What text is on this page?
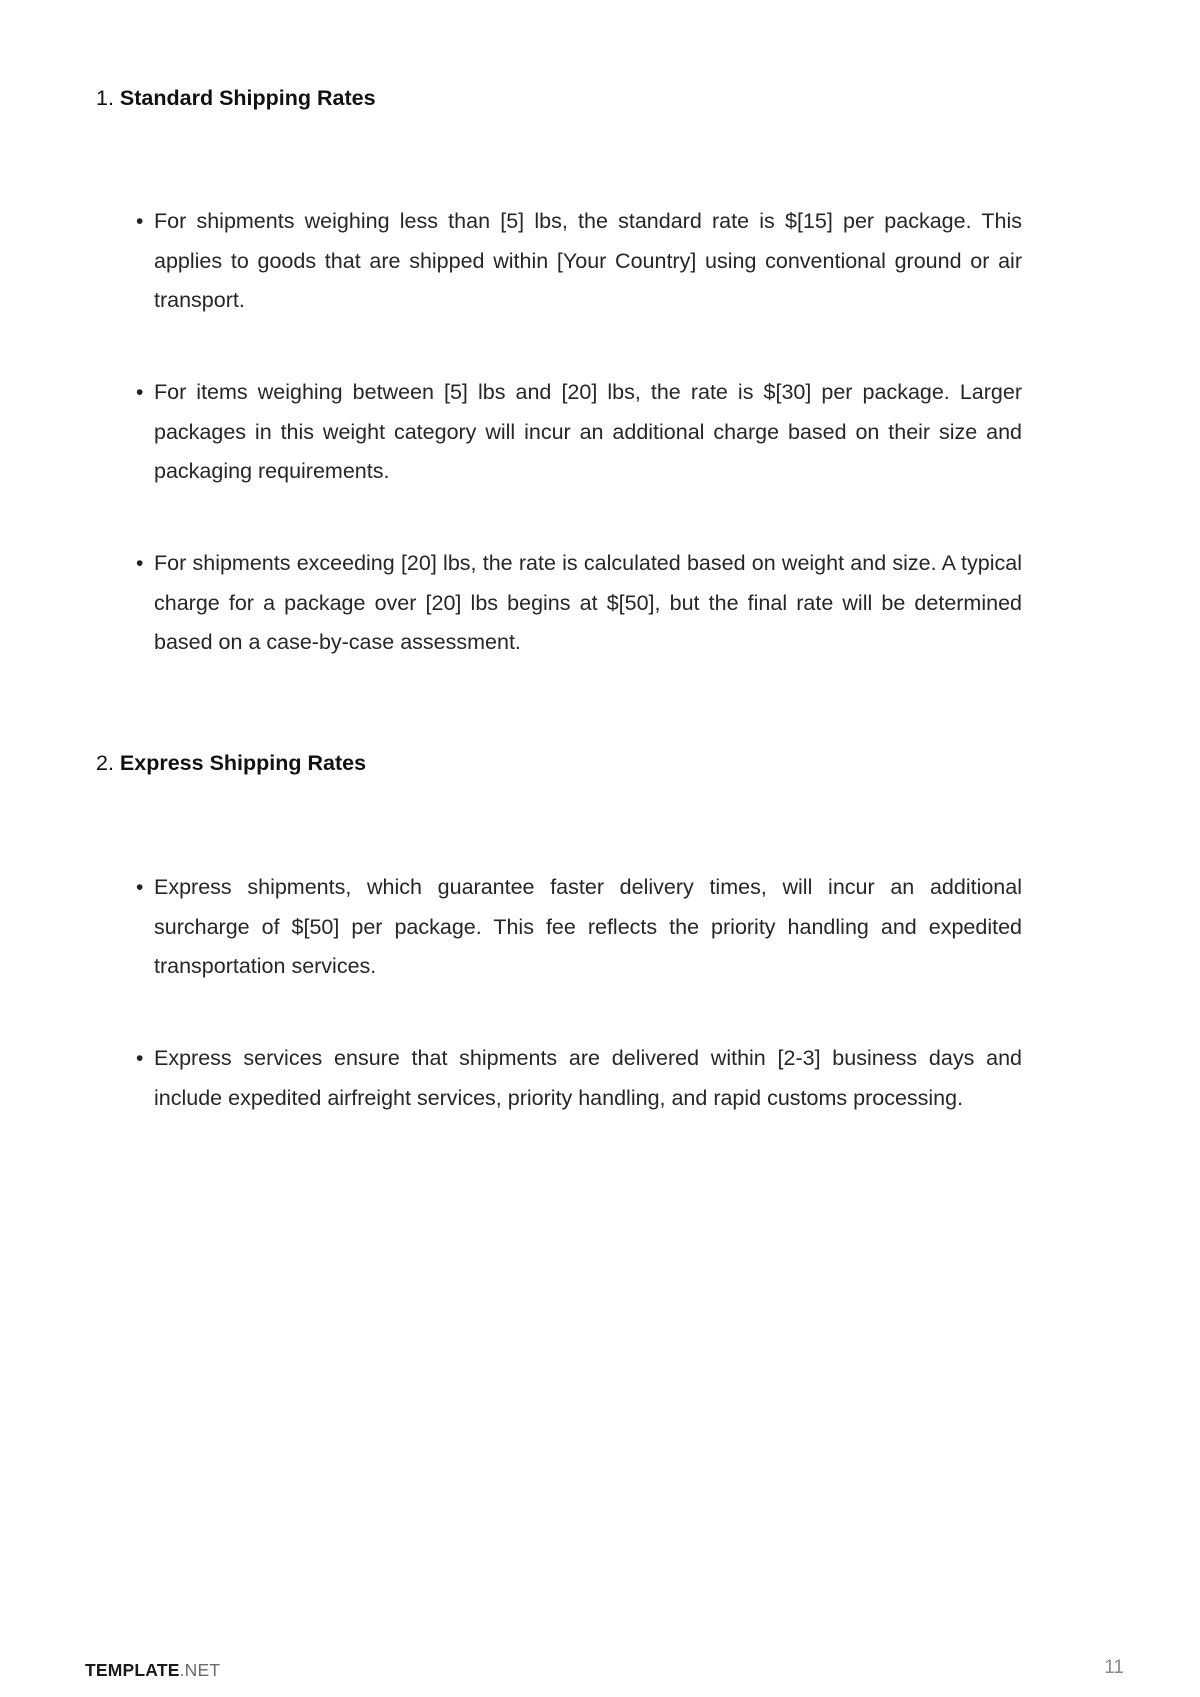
1. Standard Shipping Rates
• For shipments weighing less than [5] lbs, the standard rate is $[15] per package. This applies to goods that are shipped within [Your Country] using conventional ground or air transport.
• For items weighing between [5] lbs and [20] lbs, the rate is $[30] per package. Larger packages in this weight category will incur an additional charge based on their size and packaging requirements.
• For shipments exceeding [20] lbs, the rate is calculated based on weight and size. A typical charge for a package over [20] lbs begins at $[50], but the final rate will be determined based on a case-by-case assessment.
2. Express Shipping Rates
• Express shipments, which guarantee faster delivery times, will incur an additional surcharge of $[50] per package. This fee reflects the priority handling and expedited transportation services.
• Express services ensure that shipments are delivered within [2-3] business days and include expedited airfreight services, priority handling, and rapid customs processing.
TEMPLATE.NET	11
